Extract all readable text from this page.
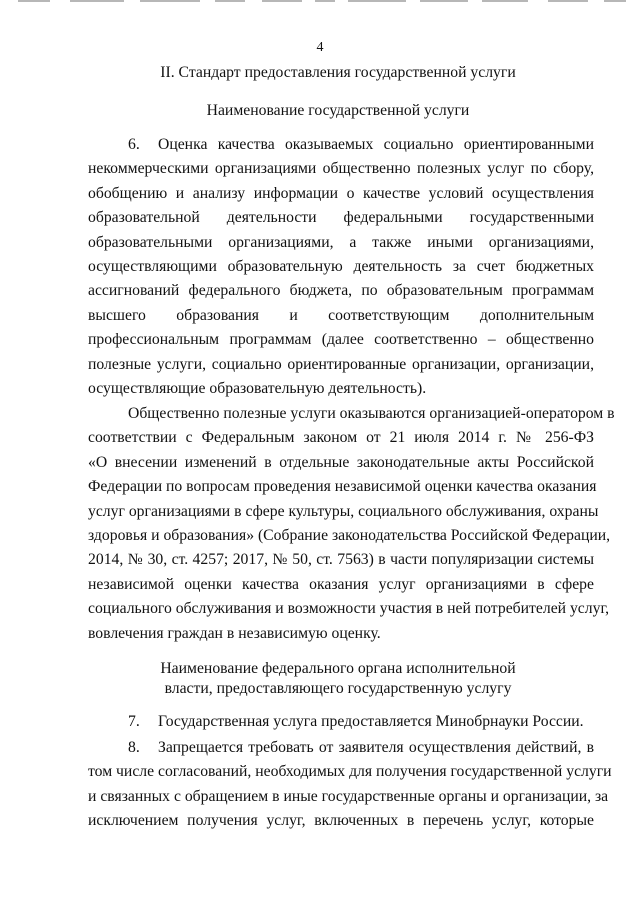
4
II. Стандарт предоставления государственной услуги
Наименование государственной услуги
6.	Оценка качества оказываемых социально ориентированными
некоммерческими организациями общественно полезных услуг по сбору,
обобщению и анализу информации о качестве условий осуществления
образовательной деятельности федеральными государственными
образовательными организациями, а также иными организациями,
осуществляющими образовательную деятельность за счет бюджетных
ассигнований федерального бюджета, по образовательным программам
высшего образования и соответствующим дополнительным
профессиональным программам (далее соответственно – общественно
полезные услуги, социально ориентированные организации, организации,
осуществляющие образовательную деятельность).
Общественно полезные услуги оказываются организацией-оператором в
соответствии с Федеральным законом от 21 июля 2014 г. № 256-ФЗ
«О внесении изменений в отдельные законодательные акты Российской
Федерации по вопросам проведения независимой оценки качества оказания
услуг организациями в сфере культуры, социального обслуживания, охраны
здоровья и образования» (Собрание законодательства Российской Федерации,
2014, № 30, ст. 4257; 2017, № 50, ст. 7563) в части популяризации системы
независимой оценки качества оказания услуг организациями в сфере
социального обслуживания и возможности участия в ней потребителей услуг,
вовлечения граждан в независимую оценку.
Наименование федерального органа исполнительной
власти, предоставляющего государственную услугу
7.	Государственная услуга предоставляется Минобрнауки России.
8.	Запрещается требовать от заявителя осуществления действий, в
том числе согласований, необходимых для получения государственной услуги
и связанных с обращением в иные государственные органы и организации, за
исключением получения услуг, включенных в перечень услуг, которые
